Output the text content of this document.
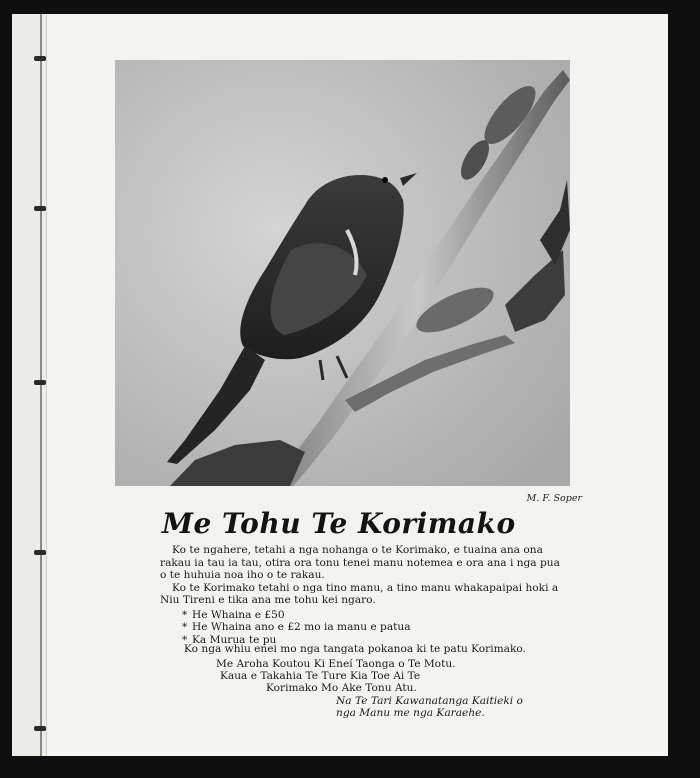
M. F. Soper
Me Tohu Te Korimako

Ko te ngahere, tetahi a nga nohanga o te Korimako, e tuaina ana ona rakau ia tau ia tau, otira ora tonu tenei manu notemea e ora ana i nga pua o te huhuia noa iho o te rakau.

Ko te Korimako tetahi o nga tino manu, a tino manu whakapaipai hoki a Niu Tireni e tika ana me tohu kei ngaro.

* He Whaina e £50
* He Whaina ano e £2 mo ia manu e patua
* Ka Murua te pu
Ko nga whiu enei mo nga tangata pokanoa ki te patu Korimako.
Me Aroha Koutou Ki Eneí Taonga o Te Motu.
Kaua e Takahia Te Ture Kia Toe Ai Te
Korimako Mo Ake Tonu Atu.
Na Te Tari Kawanatanga Kaitieki o
nga Manu me nga Karaehe.
